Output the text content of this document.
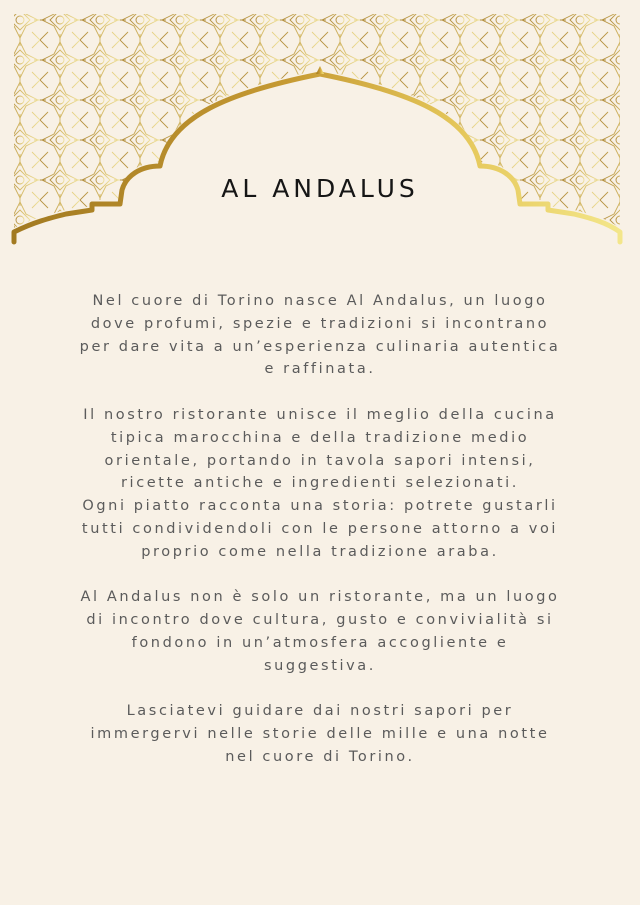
AL ANDALUS

Nel cuore di Torino nasce Al Andalus, un luogo
dove profumi, spezie e tradizioni si incontrano
per dare vita a un’esperienza culinaria autentica
e raffinata.

Il nostro ristorante unisce il meglio della cucina
tipica marocchina e della tradizione medio
orientale, portando in tavola sapori intensi,
ricette antiche e ingredienti selezionati.
Ogni piatto racconta una storia: potrete gustarli
tutti condividendoli con le persone attorno a voi
proprio come nella tradizione araba.

Al Andalus non è solo un ristorante, ma un luogo
di incontro dove cultura, gusto e convivialità si
fondono in un’atmosfera accogliente e
suggestiva.

Lasciatevi guidare dai nostri sapori per
immergervi nelle storie delle mille e una notte
nel cuore di Torino.
